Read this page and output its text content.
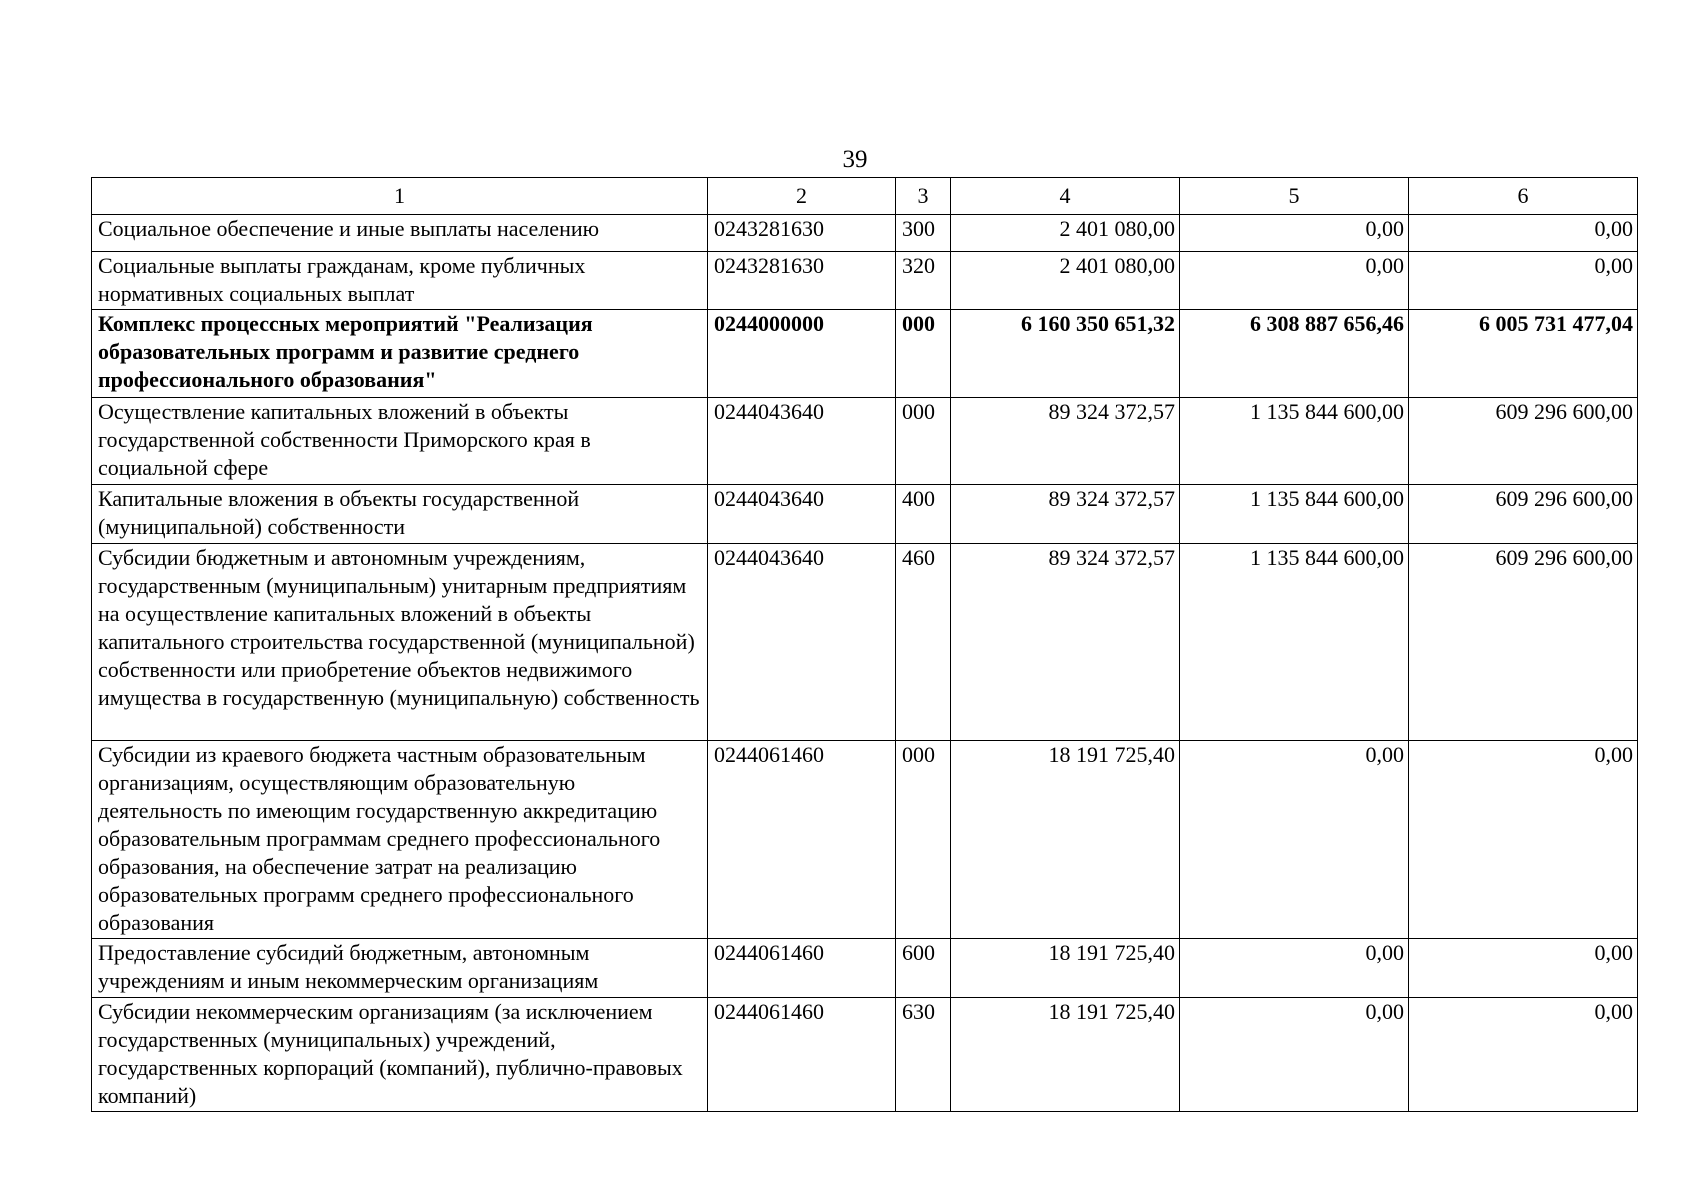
39
1	2	3	4	5	6
Социальное обеспечение и иные выплаты населению	0243281630	300	2 401 080,00	0,00	0,00
Социальные выплаты гражданам, кроме публичных нормативных социальных выплат	0243281630	320	2 401 080,00	0,00	0,00
Комплекс процессных мероприятий "Реализация образовательных программ и развитие среднего профессионального образования"	0244000000	000	6 160 350 651,32	6 308 887 656,46	6 005 731 477,04
Осуществление капитальных вложений в объекты государственной собственности Приморского края в социальной сфере	0244043640	000	89 324 372,57	1 135 844 600,00	609 296 600,00
Капитальные вложения в объекты государственной (муниципальной) собственности	0244043640	400	89 324 372,57	1 135 844 600,00	609 296 600,00
Субсидии бюджетным и автономным учреждениям, государственным (муниципальным) унитарным предприятиям на осуществление капитальных вложений в объекты капитального строительства государственной (муниципальной) собственности или приобретение объектов недвижимого имущества в государственную (муниципальную) собственность	0244043640	460	89 324 372,57	1 135 844 600,00	609 296 600,00
Субсидии из краевого бюджета частным образовательным организациям, осуществляющим образовательную деятельность по имеющим государственную аккредитацию образовательным программам среднего профессионального образования, на обеспечение затрат на реализацию образовательных программ среднего профессионального образования	0244061460	000	18 191 725,40	0,00	0,00
Предоставление субсидий бюджетным, автономным учреждениям и иным некоммерческим организациям	0244061460	600	18 191 725,40	0,00	0,00
Субсидии некоммерческим организациям (за исключением государственных (муниципальных) учреждений, государственных корпораций (компаний), публично-правовых компаний)	0244061460	630	18 191 725,40	0,00	0,00
